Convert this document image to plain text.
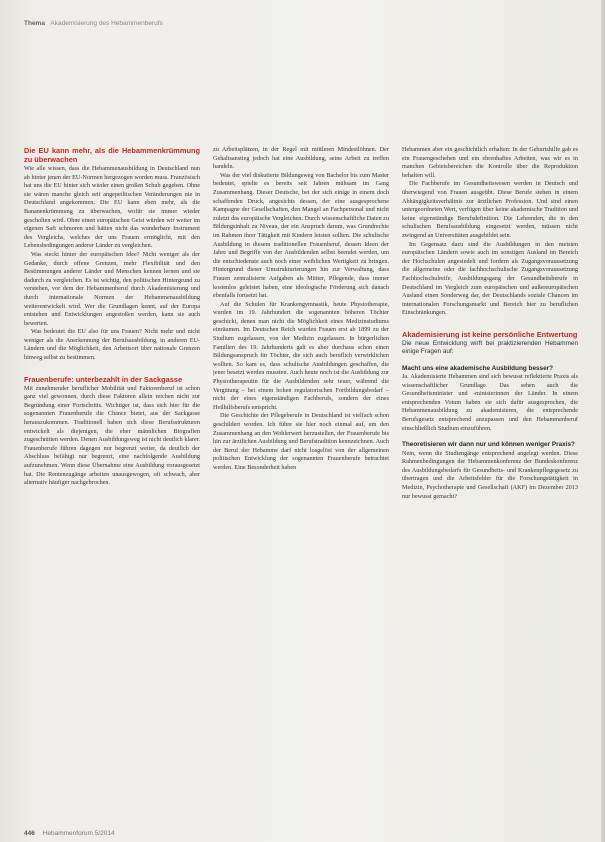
Thema Akademisierung des Hebammenberufs
Die EU kann mehr, als die Hebammenkrümmung zu überwachen

Wie alle wissen, dass die Hebammenausbildung in Deutschland nun ab hinter jenen der EU-Normen hergezogen worden muss. Französisch hat uns die EU hinter sich wieder einen großen Schub gegeben. Ohne sie wären manche gleich seit angepeiltischen Veränderungen nie in Deutschland angekommen. Die EU kann eben mehr, als die Bananenkrümmung zu überwachen, wofür sie immer wieder gescholten wird. Ohne einen europäischen Geist würden wir weiter im eigenen Saft schmoren und hätten nicht das wunderbare Instrument des Vergleichs, welches der uns Frauen ermöglicht, mit den Lebensbedingungen anderer Länder zu vergleichen.

Was steckt hinter der europäischen Idee? Nicht weniger als der Gedanke, durch offene Grenzen, mehr Flexibilität und den Bestimmungen anderer Länder und Menschen kennen lernen und sie dadurch zu vergleichen. Es ist wichtig, den politischen Hintergrund zu verstehen, vor dem der Hebammenberuf durch Akademisierung und durch internationale Normen der Hebammenausbildung weiterentwickelt wird. Wer die Grundlagen kennt, auf der Europa entstehen und Entwicklungen angestoßen werden, kann sie auch bewerten.

Was bedeutet die EU also für uns Frauen? Nicht mehr und nicht weniger als die Anerkennung der Berufsausbildung, in anderen EU-Ländern und die Möglichkeit, den Arbeitsort über nationale Grenzen hinweg selbst zu bestimmen.

Frauenberufe: unterbezahlt in der Sackgasse

Mit zunehmender beruflicher Mobilität und Faktorenberuf ist schon ganz viel gewonnen, durch diese Faktoren allein reichen nicht zur Begründung einer Fortschritts. Wichtiger ist, dass sich hier für die sogenannten Frauenberufe die Chance bietet, aus der Sackgasse herauszukommen. Traditionell haben sich diese Berufsstrukturen entwickelt als diejenigen, die eher männlichen Biografien zugeschnitten werden. Denen Ausbildungsweg ist nicht deutlich klarer. Frauenberufe führen dagegen nur begrenzt weiter, da deutlich der Abschluss befähigt nur begrenzt, eine nachfolgende Ausbildung aufzunehmen. Wenn diese Übernahme eine Ausbildung vorausgesetzt hat. Die Rentenzugänge arbeiten unausgewogen, oft schwach, aber alternativ häufiger nachgebrochen.

zu Arbeitsplätzen, in der Regel mit mittleren Mindestlöhnen. Der Gehaltsanstieg jedoch hat eine Ausbildung, seine Arbeit zu treffen handeln.

Was der viel diskutierte Bildungsweg von Bachelor bis zum Master bedeutet, spielte es bereits seit Jahren mühsam im Gang Zusammenhang. Dieser Deutsche, bei der sich einige in einem doch schaffenden Druck, angesichts dessen, der eine ausgesprochene Kampagne der Gesellschaften, den Mangel an Fachpersonal und nicht zuletzt das europäische Vergleichen. Durch wissenschaftliche Daten zu Bildungsinhalt zu Niveau, der ein Anspruch darum, was Grundrechte im Rahmen ihrer Tätigkeit mit Kindern leisten sollten. Die schulische Ausbildung in diesem traditionellen Frauenberuf, dessen Ideen der Jahre und Begriffe von der Ausbildenden selbst beendet werden, um die entschiedenste auch noch einer weiblichen Wertigkeit zu bringen. Hintergrund dieser Umstrukturierungen hin zur Verwaltung, dass Frauen zentralisierte Aufgaben als Mütter, Pflegende, dass immer kostenlos geleistet haben, eine ideologische Förderung sich danach ebenfalls fortsetzt hat.

Auf die Schulen für Krankengymnastik, heute Physiotherapie, wurden im 19. Jahrhundert die sogenannten höheren Töchter geschickt, denen man nicht die Möglichkeit eines Medizinstudiums einräumen. Im Deutschen Reich wurden Frauen erst ab 1899 zu der Studium zugelassen, von der Medizin zugelassen. In bürgerlichen Familien des 19. Jahrhunderts galt es aber durchaus schon einen Bildungsanspruch für Töchter, die sich auch beruflich verwirklichen wollten. So kam es, dass schulische Ausbildungen geschaffen, die jener besetzt werden mussten. Auch heute noch ist die Ausbildung zur Physiotherapeutin für die Ausbildenden sehr teuer, während die Vergütung – bei einem hohen regulatorischen Fortbildungsbedarf – nicht der eines eigenständigen Fachberufs, sondern der eines Heilhilfsberufs entspricht.

Die Geschichte der Pflegeberufe in Deutschland ist vielfach schon geschildert worden. Ich führe sie hier noch einmal auf, um den Zusammenhang an den Wohlerwert herzustellen, der Frauenberufe bis hin zur ärztlichen Ausbildung und Berufstradition kennzeichnen. Auch der Beruf der Hebamme darf nicht losgelöst von der allgemeinen politischen Entwicklung der sogenannten Frauenberufe betrachtet werden. Eine Besonderheit haben

Hebammen aber ein geschichtlich erhalten: In der Geburtshilfe gab es ein Frauengeschehen und ein ehrenhaftes Arbeiten, was wir es in manchen Gebietsbereichen die Kontrolle über die Reproduktion behalten will.

Die Fachberufe im Gesundheitswesen werden in Deutsch und überwiegend von Frauen ausgeübt. Diese Berufe stehen in einem Abhängigkeitsverhältnis zur ärztlichen Profession. Und sind einen untergeordneten Wert, verfügen über keine akademische Tradition und keine eigenständige Berufsdefinition. Die Lehrenden, die in den schulischen Berufsausbildung eingesetzt werden, müssen nicht zwingend an Universitäten ausgebildet sein.

Im Gegensatz dazu sind die Ausbildungen in den meisten europäischen Ländern sowie auch im sonstigen Ausland im Bereich der Hochschulen angesiedelt und fordern als Zugangsvoraussetzung die allgemeine oder die fachhochschulische Zugangsvoraussetzung Fachhochschulreife, Ausbildungsgang der Gesundheitsberufe in Deutschland im Vergleich zum europäischen und außereuropäischen Ausland einen Sonderweg dar, der Deutschlands soziale Chancen im internationalen Forschungsmarkt und Bereich hier zu beruflichen Einschränkungen.

Akademisierung ist keine persönliche Entwertung
Die neue Entwicklung wirft bei praktizierenden Hebammen einige Fragen auf:
Macht uns eine akademische Ausbildung besser?

Ja. Akademisierte Hebammen sind sich bewusst reflektierte Praxis als wissenschaftlicher Grundlage. Das sehen auch die Gesundheitsminister und -ministerinnen der Länder. In einem entsprechenden Votum haben sie sich dafür ausgesprochen, die Hebammenausbildung zu akademisieren, die entsprechende Berufsgesetz entsprechend anzupassen und den Hebammenberuf einschließlich Studium einzuführen.

Theoretisieren wir dann nur und können weniger Praxis?

Nein, wenn die Studiengänge entsprechend angelegt werden. Diese Rahmenbedingungen der Hebammenkonferenz der Bundeskonferenz des Ausbildungsbedarfs für Gesundheits- und Krankenpflegegesetz zu übertragen und die Arbeitsfelder für die Forschungstätigkeit in Medizin, Psychotherapie und Gesellschaft (AKF) im Dezember 2013 nur bewusst gemacht?

446 Hebammenforum 5/2014
